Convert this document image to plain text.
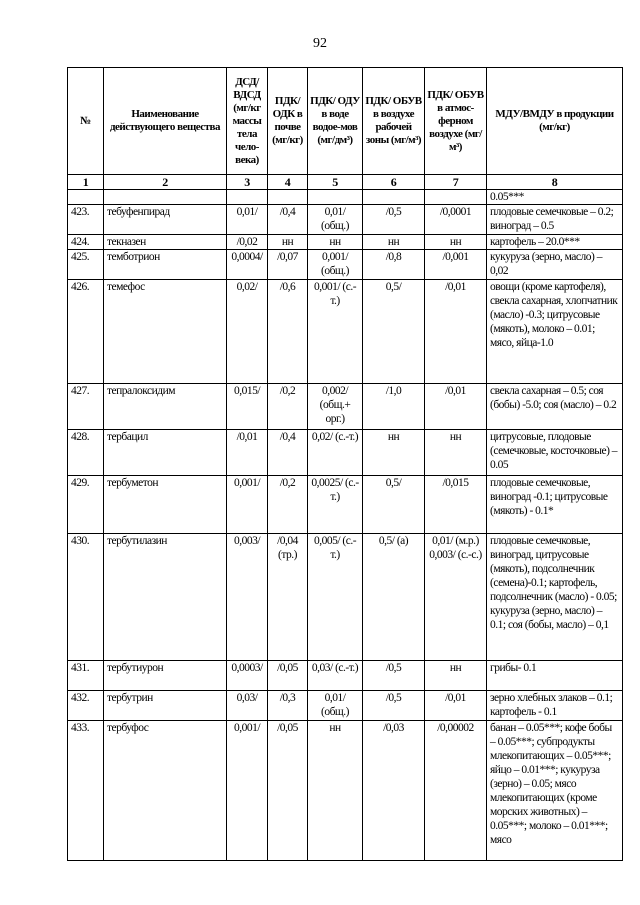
92
№	Наименование действующего вещества	ДСД/ ВДСД (мг/кг массы тела чело-века)	ПДК/ ОДК в почве (мг/кг)	ПДК/ ОДУ в воде водое-мов (мг/дм³)	ПДК/ ОБУВ в воздухе рабочей зоны (мг/м³)	ПДК/ ОБУВ в атмос-ферном воздухе (мг/м³)	МДУ/ВМДУ в продукции (мг/кг)
1	2	3	4	5	6	7	8
							0.05***
423.	тебуфенпирад	0,01/	/0,4	0,01/ (общ.)	/0,5	/0,0001	плодовые семечковые – 0.2; виноград – 0.5
424.	текназен	/0,02	нн	нн	нн	нн	картофель – 20.0***
425.	темботрион	0,0004/	/0,07	0,001/ (общ.)	/0,8	/0,001	кукуруза (зерно, масло) – 0,02
426.	темефос	0,02/	/0,6	0,001/ (с.-т.)	0,5/	/0,01	овощи (кроме картофеля), свекла сахарная, хлопчатник (масло) -0.3; цитрусовые (мякоть), молоко – 0.01; мясо, яйца-1.0
427.	тепралоксидим	0,015/	/0,2	0,002/ (общ.+ орг.)	/1,0	/0,01	свекла сахарная – 0.5; соя (бобы) -5.0; соя (масло) – 0.2
428.	тербацил	/0,01	/0,4	0,02/ (с.-т.)	нн	нн	цитрусовые, плодовые (семечковые, косточковые) – 0.05
429.	тербуметон	0,001/	/0,2	0,0025/ (с.-т.)	0,5/	/0,015	плодовые семечковые, виноград -0.1; цитрусовые (мякоть) - 0.1*
430.	тербутилазин	0,003/	/0,04 (тр.)	0,005/ (с.-т.)	0,5/ (а)	0,01/ (м.р.) 0,003/ (с.-с.)	плодовые семечковые, виноград, цитрусовые (мякоть), подсолнечник (семена)-0.1; картофель, подсолнечник (масло) - 0.05; кукуруза (зерно, масло) – 0.1; соя (бобы, масло) – 0,1
431.	тербутиурон	0,0003/	/0,05	0,03/ (с.-т.)	/0,5	нн	грибы- 0.1
432.	тербутрин	0,03/	/0,3	0,01/ (общ.)	/0,5	/0,01	зерно хлебных злаков – 0.1; картофель - 0.1
433.	тербуфос	0,001/	/0,05	нн	/0,03	/0,00002	банан – 0.05***; кофе бобы – 0.05***; субпродукты млекопитающих – 0.05***; яйцо – 0.01***; кукуруза (зерно) – 0.05; мясо млекопитающих (кроме морских животных) – 0.05***; молоко – 0.01***; мясо
